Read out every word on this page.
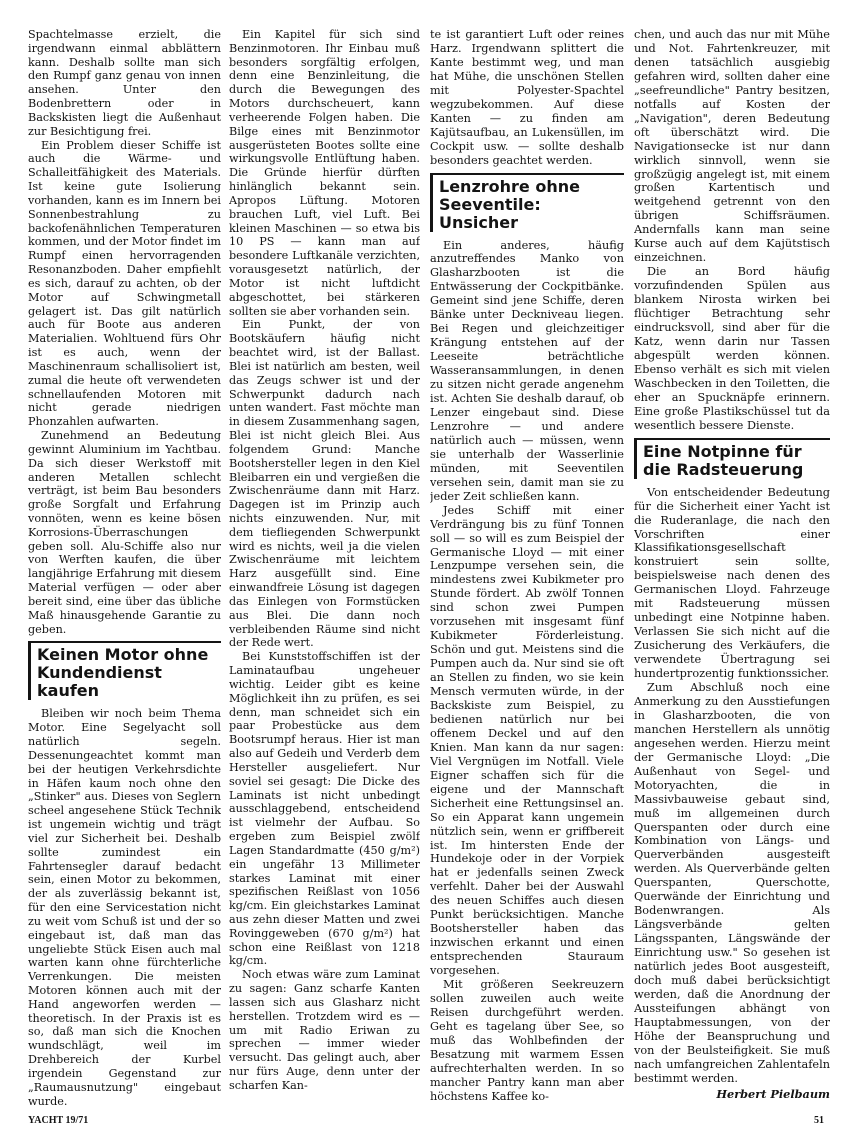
Spachtelmasse erzielt, die irgendwann einmal abblättern kann. Deshalb sollte man sich den Rumpf ganz genau von innen ansehen. Unter den Bodenbrettern oder in Backskisten liegt die Außenhaut zur Besichtigung frei.

Ein Problem dieser Schiffe ist auch die Wärme- und Schalleitfähigkeit des Materials. Ist keine gute Isolierung vorhanden, kann es im Innern bei Sonnenbestrahlung zu backofenähnlichen Temperaturen kommen, und der Motor findet im Rumpf einen hervorragenden Resonanzboden. Daher empfiehlt es sich, darauf zu achten, ob der Motor auf Schwingmetall gelagert ist. Das gilt natürlich auch für Boote aus anderen Materialien. Wohltuend fürs Ohr ist es auch, wenn der Maschinenraum schallisoliert ist, zumal die heute oft verwendeten schnellaufenden Motoren mit nicht gerade niedrigen Phonzahlen aufwarten.

Zunehmend an Bedeutung gewinnt Aluminium im Yachtbau. Da sich dieser Werkstoff mit anderen Metallen schlecht verträgt, ist beim Bau besonders große Sorgfalt und Erfahrung vonnöten, wenn es keine bösen Korrosions-Überraschungen geben soll. Alu-Schiffe also nur von Werften kaufen, die über langjährige Erfahrung mit diesem Material verfügen — oder aber bereit sind, eine über das übliche Maß hinausgehende Garantie zu geben.

Keinen Motor ohne Kundendienst kaufen

Bleiben wir noch beim Thema Motor. Eine Segelyacht soll natürlich segeln. Dessenungeachtet kommt man bei der heutigen Verkehrsdichte in Häfen kaum noch ohne den „Stinker" aus. Dieses von Seglern scheel angesehene Stück Technik ist ungemein wichtig und trägt viel zur Sicherheit bei. Deshalb sollte zumindest ein Fahrtensegler darauf bedacht sein, einen Motor zu bekommen, der als zuverlässig bekannt ist, für den eine Servicestation nicht zu weit vom Schuß ist und der so eingebaut ist, daß man das ungeliebte Stück Eisen auch mal warten kann ohne fürchterliche Verrenkungen. Die meisten Motoren können auch mit der Hand angeworfen werden — theoretisch. In der Praxis ist es so, daß man sich die Knochen wundschlägt, weil im Drehbereich der Kurbel irgendein Gegenstand zur „Raumausnutzung" eingebaut wurde.

Ein Kapitel für sich sind Benzinmotoren. Ihr Einbau muß besonders sorgfältig erfolgen, denn eine Benzinleitung, die durch die Bewegungen des Motors durchscheuert, kann verheerende Folgen haben. Die Bilge eines mit Benzinmotor ausgerüsteten Bootes sollte eine wirkungsvolle Entlüftung haben. Die Gründe hierfür dürften hinlänglich bekannt sein. Apropos Lüftung. Motoren brauchen Luft, viel Luft. Bei kleinen Maschinen — so etwa bis 10 PS — kann man auf besondere Luftkanäle verzichten, vorausgesetzt natürlich, der Motor ist nicht luftdicht abgeschottet, bei stärkeren sollten sie aber vorhanden sein.

Ein Punkt, der von Bootskäufern häufig nicht beachtet wird, ist der Ballast. Blei ist natürlich am besten, weil das Zeugs schwer ist und der Schwerpunkt dadurch nach unten wandert. Fast möchte man in diesem Zusammenhang sagen, Blei ist nicht gleich Blei. Aus folgendem Grund: Manche Bootshersteller legen in den Kiel Bleibarren ein und vergießen die Zwischenräume dann mit Harz. Dagegen ist im Prinzip auch nichts einzuwenden. Nur, mit dem tiefliegenden Schwerpunkt wird es nichts, weil ja die vielen Zwischenräume mit leichtem Harz ausgefüllt sind. Eine einwandfreie Lösung ist dagegen das Einlegen von Formstücken aus Blei. Die dann noch verbleibenden Räume sind nicht der Rede wert.

Bei Kunststoffschiffen ist der Laminataufbau ungeheuer wichtig. Leider gibt es keine Möglichkeit ihn zu prüfen, es sei denn, man schneidet sich ein paar Probestücke aus dem Bootsrumpf heraus. Hier ist man also auf Gedeih und Verderb dem Hersteller ausgeliefert. Nur soviel sei gesagt: Die Dicke des Laminats ist nicht unbedingt ausschlaggebend, entscheidend ist vielmehr der Aufbau. So ergeben zum Beispiel zwölf Lagen Standardmatte (450 g/m²) ein ungefähr 13 Millimeter starkes Laminat mit einer spezifischen Reißlast von 1056 kg/cm. Ein gleichstarkes Laminat aus zehn dieser Matten und zwei Rovinggeweben (670 g/m²) hat schon eine Reißlast von 1218 kg/cm.

Noch etwas wäre zum Laminat zu sagen: Ganz scharfe Kanten lassen sich aus Glasharz nicht herstellen. Trotzdem wird es — um mit Radio Eriwan zu sprechen — immer wieder versucht. Das gelingt auch, aber nur fürs Auge, denn unter der scharfen Kan-

te ist garantiert Luft oder reines Harz. Irgendwann splittert die Kante bestimmt weg, und man hat Mühe, die unschönen Stellen mit Polyester-Spachtel wegzubekommen. Auf diese Kanten — zu finden am Kajütsaufbau, an Lukensüllen, im Cockpit usw. — sollte deshalb besonders geachtet werden.

Lenzrohre ohne Seeventile: Unsicher

Ein anderes, häufig anzutreffendes Manko von Glasharzbooten ist die Entwässerung der Cockpitbänke. Gemeint sind jene Schiffe, deren Bänke unter Deckniveau liegen. Bei Regen und gleichzeitiger Krängung entstehen auf der Leeseite beträchtliche Wasseransammlungen, in denen zu sitzen nicht gerade angenehm ist. Achten Sie deshalb darauf, ob Lenzer eingebaut sind. Diese Lenzrohre — und andere natürlich auch — müssen, wenn sie unterhalb der Wasserlinie münden, mit Seeventilen versehen sein, damit man sie zu jeder Zeit schließen kann.

Jedes Schiff mit einer Verdrängung bis zu fünf Tonnen soll — so will es zum Beispiel der Germanische Lloyd — mit einer Lenzpumpe versehen sein, die mindestens zwei Kubikmeter pro Stunde fördert. Ab zwölf Tonnen sind schon zwei Pumpen vorzusehen mit insgesamt fünf Kubikmeter Förderleistung. Schön und gut. Meistens sind die Pumpen auch da. Nur sind sie oft an Stellen zu finden, wo sie kein Mensch vermuten würde, in der Backskiste zum Beispiel, zu bedienen natürlich nur bei offenem Deckel und auf den Knien. Man kann da nur sagen: Viel Vergnügen im Notfall. Viele Eigner schaffen sich für die eigene und der Mannschaft Sicherheit eine Rettungsinsel an. So ein Apparat kann ungemein nützlich sein, wenn er griffbereit ist. Im hintersten Ende der Hundekoje oder in der Vorpiek hat er jedenfalls seinen Zweck verfehlt. Daher bei der Auswahl des neuen Schiffes auch diesen Punkt berücksichtigen. Manche Bootshersteller haben das inzwischen erkannt und einen entsprechenden Stauraum vorgesehen.

Mit größeren Seekreuzern sollen zuweilen auch weite Reisen durchgeführt werden. Geht es tagelang über See, so muß das Wohlbefinden der Besatzung mit warmem Essen aufrechterhalten werden. In so mancher Pantry kann man aber höchstens Kaffee ko-

chen, und auch das nur mit Mühe und Not. Fahrtenkreuzer, mit denen tatsächlich ausgiebig gefahren wird, sollten daher eine „seefreundliche" Pantry besitzen, notfalls auf Kosten der „Navigation", deren Bedeutung oft überschätzt wird. Die Navigationsecke ist nur dann wirklich sinnvoll, wenn sie großzügig angelegt ist, mit einem großen Kartentisch und weitgehend getrennt von den übrigen Schiffsräumen. Andernfalls kann man seine Kurse auch auf dem Kajütstisch einzeichnen.

Die an Bord häufig vorzufindenden Spülen aus blankem Nirosta wirken bei flüchtiger Betrachtung sehr eindrucksvoll, sind aber für die Katz, wenn darin nur Tassen abgespült werden können. Ebenso verhält es sich mit vielen Waschbecken in den Toiletten, die eher an Spucknäpfe erinnern. Eine große Plastikschüssel tut da wesentlich bessere Dienste.

Eine Notpinne für die Radsteuerung

Von entscheidender Bedeutung für die Sicherheit einer Yacht ist die Ruderanlage, die nach den Vorschriften einer Klassifikationsgesellschaft konstruiert sein sollte, beispielsweise nach denen des Germanischen Lloyd. Fahrzeuge mit Radsteuerung müssen unbedingt eine Notpinne haben. Verlassen Sie sich nicht auf die Zusicherung des Verkäufers, die verwendete Übertragung sei hundertprozentig funktionssicher.

Zum Abschluß noch eine Anmerkung zu den Ausstiefungen in Glasharzbooten, die von manchen Herstellern als unnötig angesehen werden. Hierzu meint der Germanische Lloyd: „Die Außenhaut von Segel- und Motoryachten, die in Massivbauweise gebaut sind, muß im allgemeinen durch Querspanten oder durch eine Kombination von Längs- und Querverbänden ausgesteift werden. Als Querverbände gelten Querspanten, Querschotte, Querwände der Einrichtung und Bodenwrangen. Als Längsverbände gelten Längsspanten, Längswände der Einrichtung usw." So gesehen ist natürlich jedes Boot ausgesteift, doch muß dabei berücksichtigt werden, daß die Anordnung der Aussteifungen abhängt von Hauptabmessungen, von der Höhe der Beanspruchung und von der Beulsteifigkeit. Sie muß nach umfangreichen Zahlentafeln bestimmt werden.

Herbert Pielbaum
YACHT 19/71	51
